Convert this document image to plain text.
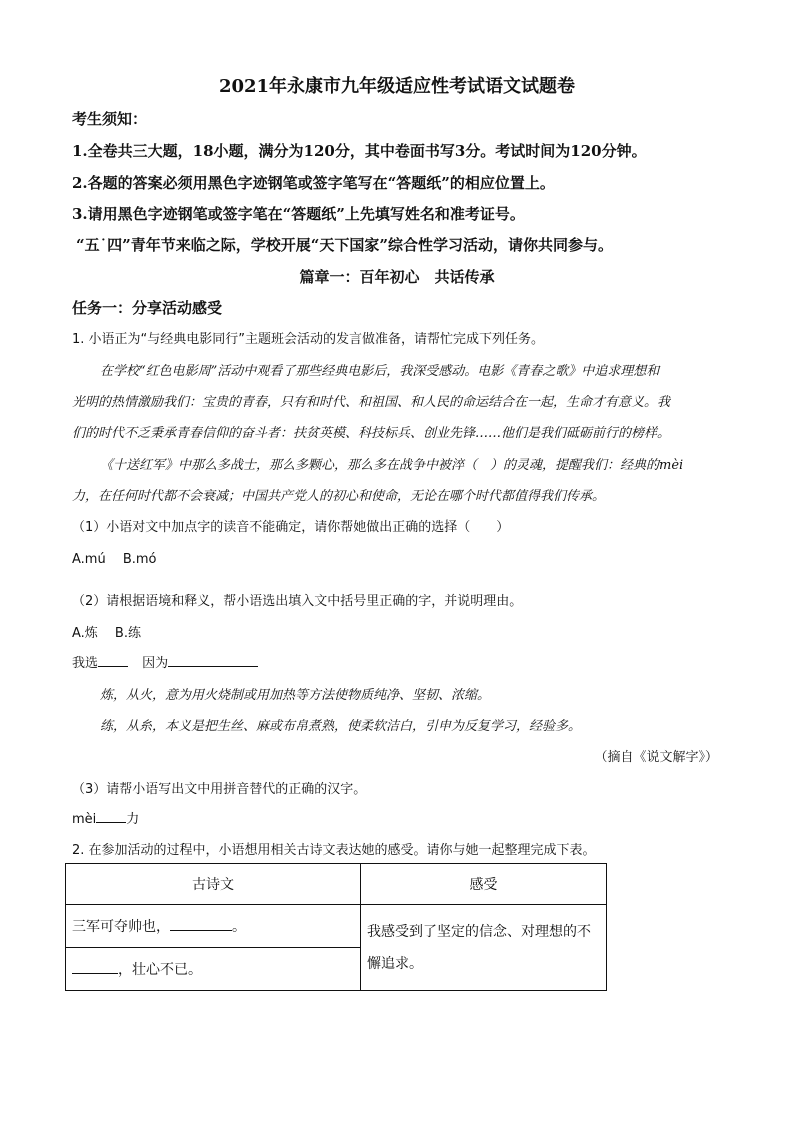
2021年永康市九年级适应性考试语文试题卷
考生须知：
1.全卷共三大题，18小题，满分为120分，其中卷面书写3分。考试时间为120分钟。
2.各题的答案必须用黑色字迹钢笔或签字笔写在“答题纸”的相应位置上。
3.请用黑色字迹钢笔或签字笔在“答题纸”上先填写姓名和准考证号。
“五˙四”青年节来临之际，学校开展“天下国家”综合性学习活动，请你共同参与。
篇章一：百年初心　共话传承
任务一：分享活动感受
1. 小语正为“与经典电影同行”主题班会活动的发言做准备，请帮忙完成下列任务。
在学校“红色电影周”活动中观看了那些经典电影后，我深受感动。电影《青春之歌》中追求理想和
光明的热情激励我们：宝贵的青春，只有和时代、和祖国、和人民的命运结合在一起，生命才有意义。我
们的时代不乏秉承青春信仰的奋斗者：扶贫英模、科技标兵、创业先锋……他们是我们砥砺前行的榜样。
《十送红军》中那么多战士，那么多颗心，那么多在战争中被淬（　）的灵魂，提醒我们：经典的mèi
力，在任何时代都不会衰减；中国共产党人的初心和使命，无论在哪个时代都值得我们传承。
（1）小语对文中加点字的读音不能确定，请你帮她做出正确的选择（　　）
A.mú　 B.mó
（2）请根据语境和释义，帮小语选出填入文中括号里正确的字，并说明理由。
A.炼　 B.练
我选	因为
炼，从火，意为用火烧制或用加热等方法使物质纯净、坚韧、浓缩。
练，从糸，本义是把生丝、麻或布帛煮熟，使柔软洁白，引申为反复学习，经验多。
（摘自《说文解字》）
（3）请帮小语写出文中用拼音替代的正确的汉字。
mèi 力
2. 在参加活动的过程中，小语想用相关古诗文表达她的感受。请你与她一起整理完成下表。
古诗文	感受
三军可夺帅也， 。	我感受到了坚定的信念、对理想的不懈追求。
，壮心不已。	
